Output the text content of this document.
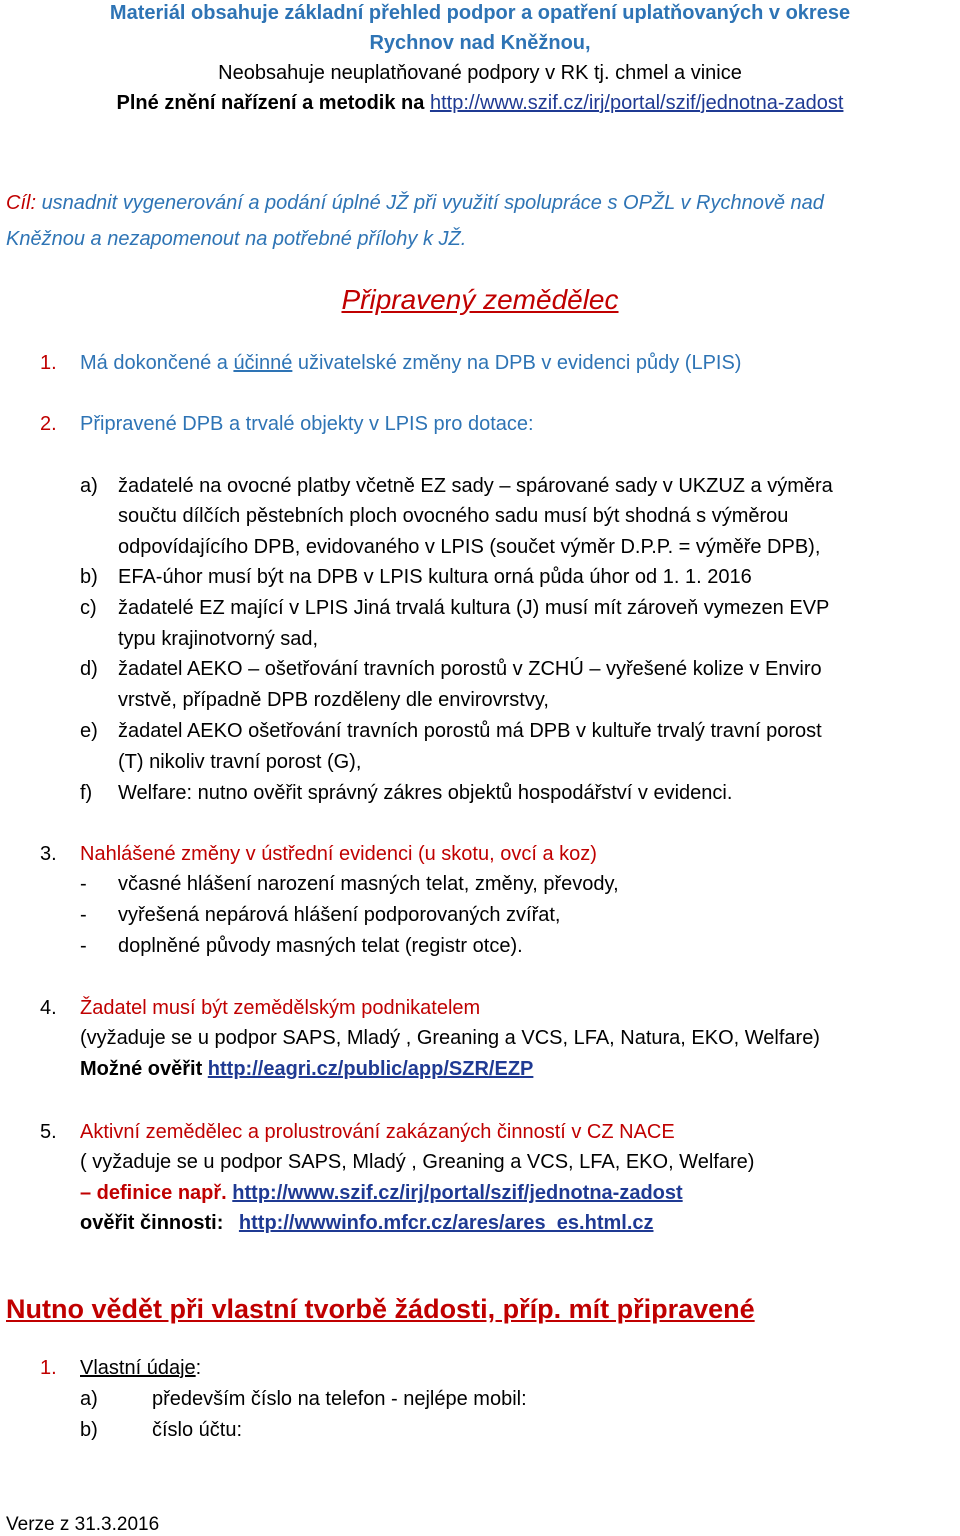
Materiál obsahuje základní přehled podpor a opatření uplatňovaných v okrese
Rychnov nad Kněžnou,
Neobsahuje neuplatňované podpory v RK tj. chmel a vinice
Plné znění nařízení a metodik na http://www.szif.cz/irj/portal/szif/jednotna-zadost
Cíl: usnadnit vygenerování a podání úplné JŽ při využití spolupráce s OPŽL v Rychnově nad
Kněžnou a nezapomenout na potřebné přílohy k JŽ.
Připravený zemědělec
1. Má dokončené a účinné uživatelské změny na DPB v evidenci půdy (LPIS)
2. Připravené DPB a trvalé objekty v LPIS pro dotace:
a) žadatelé na ovocné platby včetně EZ sady – spárované sady v UKZUZ a výměra
součtu dílčích pěstebních ploch ovocného sadu musí být shodná s výměrou
odpovídajícího DPB, evidovaného v LPIS (součet výměr D.P.P. = výměře DPB),
b) EFA-úhor musí být na DPB v LPIS kultura orná půda úhor od 1. 1. 2016
c) žadatelé EZ mající v LPIS Jiná trvalá kultura (J) musí mít zároveň vymezen EVP
typu krajinotvorný sad,
d) žadatel AEKO – ošetřování travních porostů v ZCHÚ – vyřešené kolize v Enviro
vrstvě, případně DPB rozděleny dle envirovrstvy,
e) žadatel AEKO ošetřování travních porostů má DPB v kultuře trvalý travní porost
(T) nikoliv travní porost (G),
f) Welfare: nutno ověřit správný zákres objektů hospodářství v evidenci.
3. Nahlášené změny v ústřední evidenci (u skotu, ovcí a koz)
- včasné hlášení narození masných telat, změny, převody,
- vyřešená nepárová hlášení podporovaných zvířat,
- doplněné původy masných telat (registr otce).
4. Žadatel musí být zemědělským podnikatelem
(vyžaduje se u podpor SAPS, Mladý , Greaning a VCS, LFA, Natura, EKO, Welfare)
Možné ověřit http://eagri.cz/public/app/SZR/EZP
5. Aktivní zemědělec a prolustrování zakázaných činností v CZ NACE
( vyžaduje se u podpor SAPS, Mladý , Greaning a VCS, LFA, EKO, Welfare)
– definice např. http://www.szif.cz/irj/portal/szif/jednotna-zadost
ověřit činnosti: http://wwwinfo.mfcr.cz/ares/ares_es.html.cz
Nutno vědět při vlastní tvorbě žádosti, příp. mít připravené
1. Vlastní údaje:
a)	především číslo na telefon - nejlépe mobil:
b)	číslo účtu:
Verze z 31.3.2016
